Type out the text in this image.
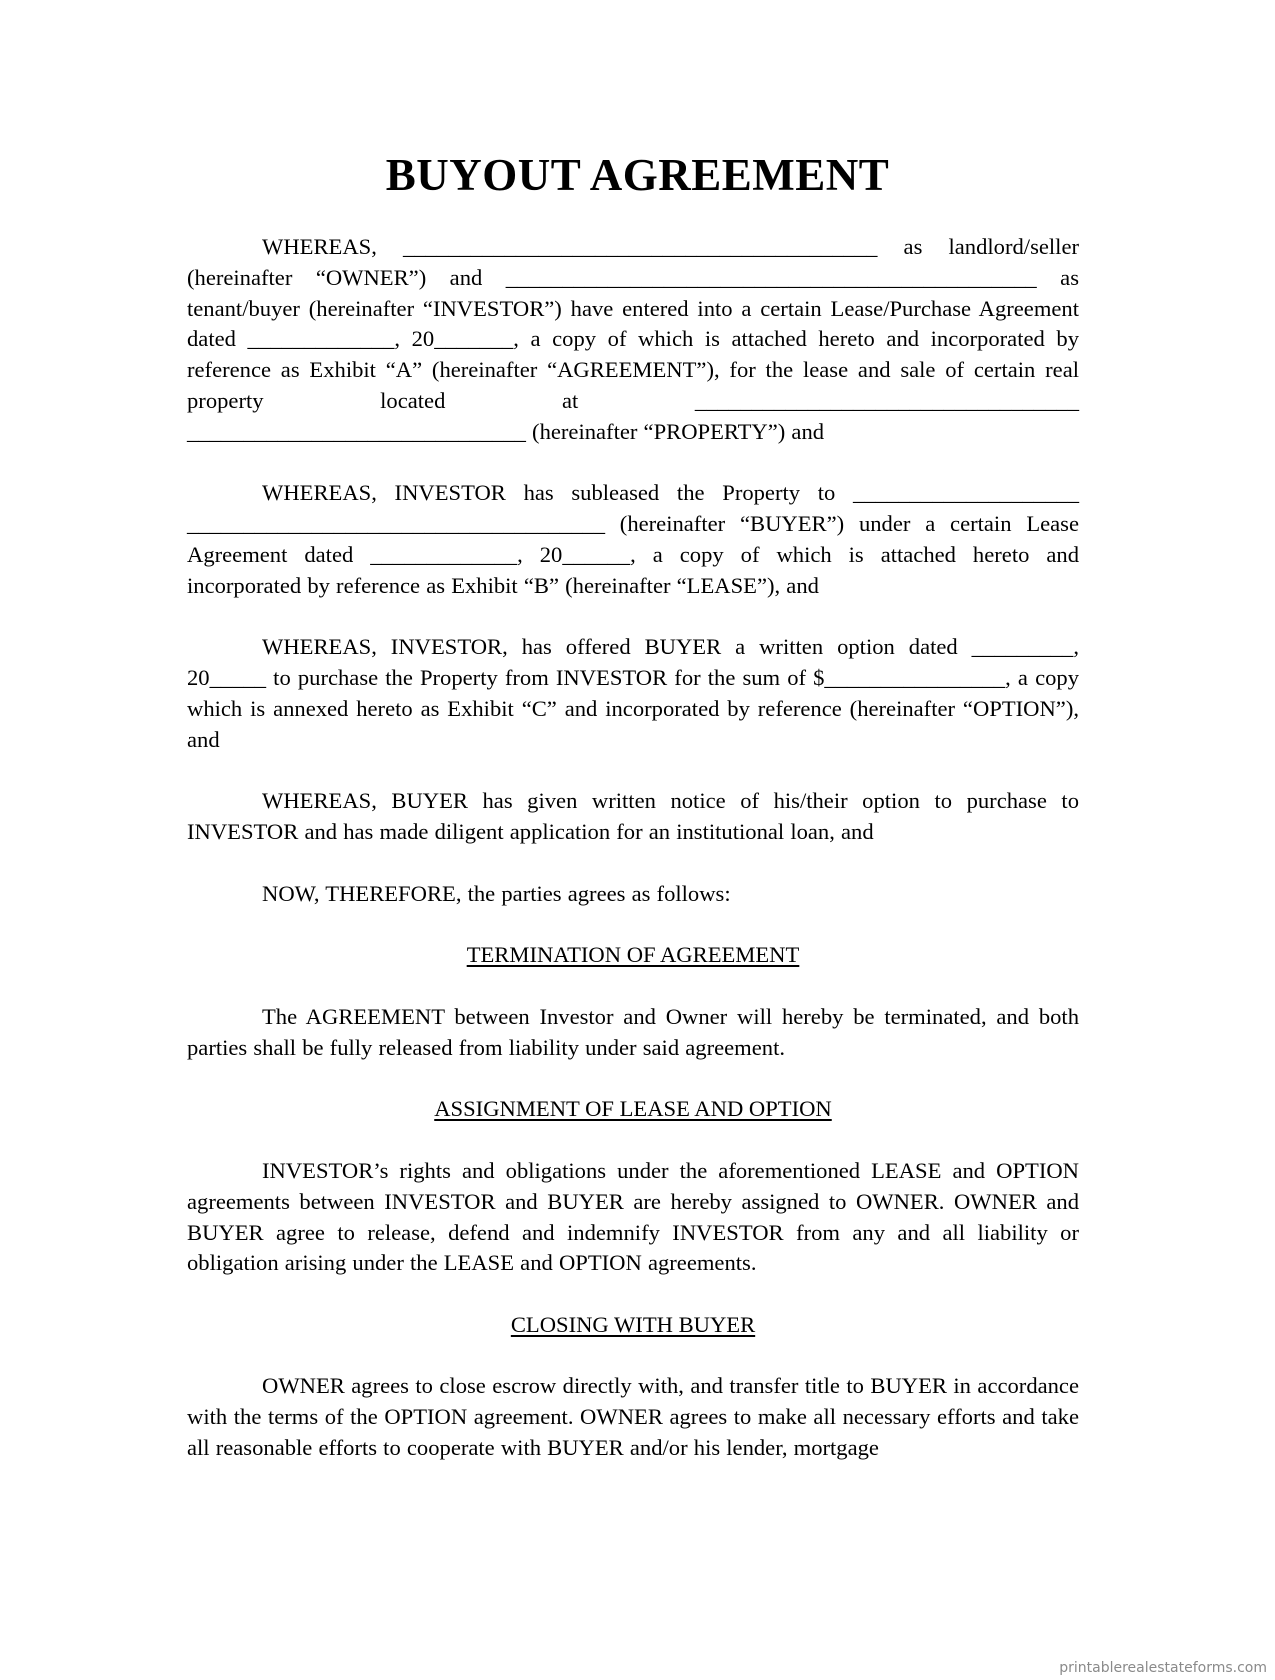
BUYOUT AGREEMENT

WHEREAS, __________________________________________ as landlord/seller (hereinafter “OWNER”) and _______________________________________________ as tenant/buyer (hereinafter “INVESTOR”) have entered into a certain Lease/Purchase Agreement dated _____________, 20_______, a copy of which is attached hereto and incorporated by reference as Exhibit “A” (hereinafter “AGREEMENT”), for the lease and sale of certain real property located at __________________________________ ______________________________ (hereinafter “PROPERTY”) and

WHEREAS, INVESTOR has subleased the Property to ____________________ _____________________________________ (hereinafter “BUYER”) under a certain Lease Agreement dated _____________, 20______, a copy of which is attached hereto and incorporated by reference as Exhibit “B” (hereinafter “LEASE”), and

WHEREAS, INVESTOR, has offered BUYER a written option dated _________, 20_____ to purchase the Property from INVESTOR for the sum of $________________, a copy which is annexed hereto as Exhibit “C” and incorporated by reference (hereinafter “OPTION”), and

WHEREAS, BUYER has given written notice of his/their option to purchase to INVESTOR and has made diligent application for an institutional loan, and

NOW, THEREFORE, the parties agrees as follows:

TERMINATION OF AGREEMENT

The AGREEMENT between Investor and Owner will hereby be terminated, and both parties shall be fully released from liability under said agreement.

ASSIGNMENT OF LEASE AND OPTION

INVESTOR’s rights and obligations under the aforementioned LEASE and OPTION agreements between INVESTOR and BUYER are hereby assigned to OWNER. OWNER and BUYER agree to release, defend and indemnify INVESTOR from any and all liability or obligation arising under the LEASE and OPTION agreements.

CLOSING WITH BUYER

OWNER agrees to close escrow directly with, and transfer title to BUYER in accordance with the terms of the OPTION agreement. OWNER agrees to make all necessary efforts and take all reasonable efforts to cooperate with BUYER and/or his lender, mortgage

printablerealestateforms.com
